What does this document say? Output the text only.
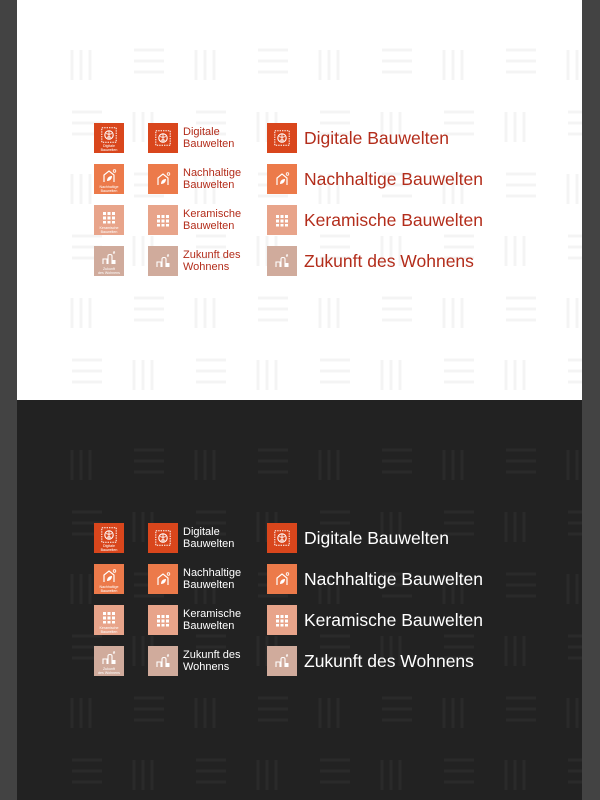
Digitale
Bauwelten
Digitale
Bauwelten	Digitale Bauwelten
Nachhaltige
Bauwelten
Nachhaltige
Bauwelten	Nachhaltige Bauwelten
Keramische
Bauwelten
Keramische
Bauwelten	Keramische Bauwelten
Zukunft
des Wohnens
Zukunft des
Wohnens	Zukunft des Wohnens
Digitale
Bauwelten
Digitale
Bauwelten	Digitale Bauwelten
Nachhaltige
Bauwelten
Nachhaltige
Bauwelten	Nachhaltige Bauwelten
Keramische
Bauwelten
Keramische
Bauwelten	Keramische Bauwelten
Zukunft
des Wohnens
Zukunft des
Wohnens	Zukunft des Wohnens
